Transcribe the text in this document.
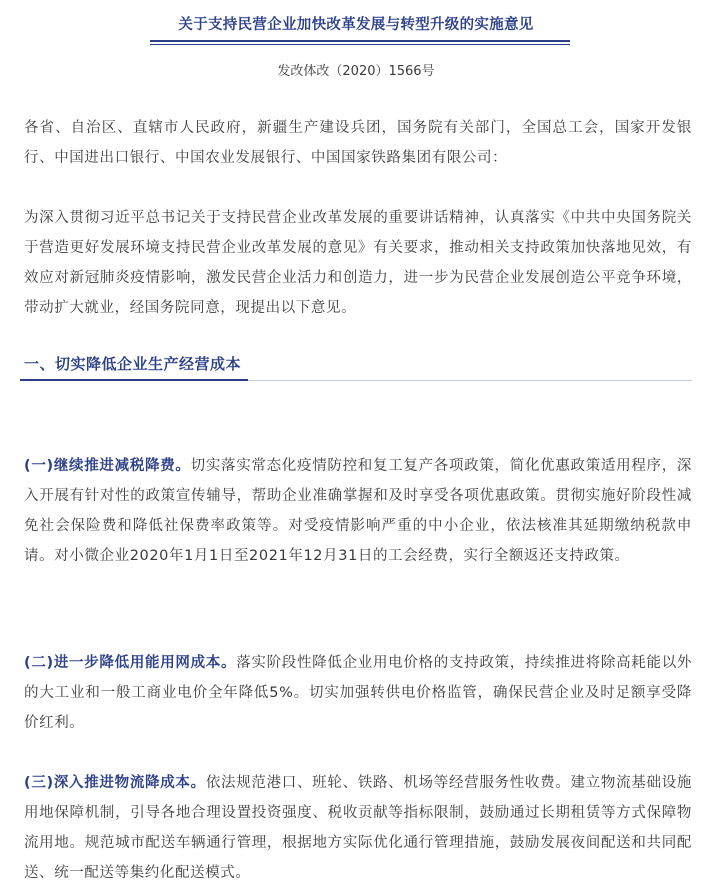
关于支持民营企业加快改革发展与转型升级的实施意见
发改体改（2020）1566号

各省、自治区、直辖市人民政府，新疆生产建设兵团，国务院有关部门，全国总工会，国家开发银行、中国进出口银行、中国农业发展银行、中国国家铁路集团有限公司：

为深入贯彻习近平总书记关于支持民营企业改革发展的重要讲话精神，认真落实《中共中央国务院关于营造更好发展环境支持民营企业改革发展的意见》有关要求，推动相关支持政策加快落地见效，有效应对新冠肺炎疫情影响，激发民营企业活力和创造力，进一步为民营企业发展创造公平竞争环境，带动扩大就业，经国务院同意，现提出以下意见。

一、切实降低企业生产经营成本

(一)继续推进减税降费。切实落实常态化疫情防控和复工复产各项政策，简化优惠政策适用程序，深入开展有针对性的政策宣传辅导，帮助企业准确掌握和及时享受各项优惠政策。贯彻实施好阶段性减免社会保险费和降低社保费率政策等。对受疫情影响严重的中小企业，依法核准其延期缴纳税款申请。对小微企业2020年1月1日至2021年12月31日的工会经费，实行全额返还支持政策。

(二)进一步降低用能用网成本。落实阶段性降低企业用电价格的支持政策，持续推进将除高耗能以外的大工业和一般工商业电价全年降低5%。切实加强转供电价格监管，确保民营企业及时足额享受降价红利。

(三)深入推进物流降成本。依法规范港口、班轮、铁路、机场等经营服务性收费。建立物流基础设施用地保障机制，引导各地合理设置投资强度、税收贡献等指标限制，鼓励通过长期租赁等方式保障物流用地。规范城市配送车辆通行管理，根据地方实际优化通行管理措施，鼓励发展夜间配送和共同配送、统一配送等集约化配送模式。
